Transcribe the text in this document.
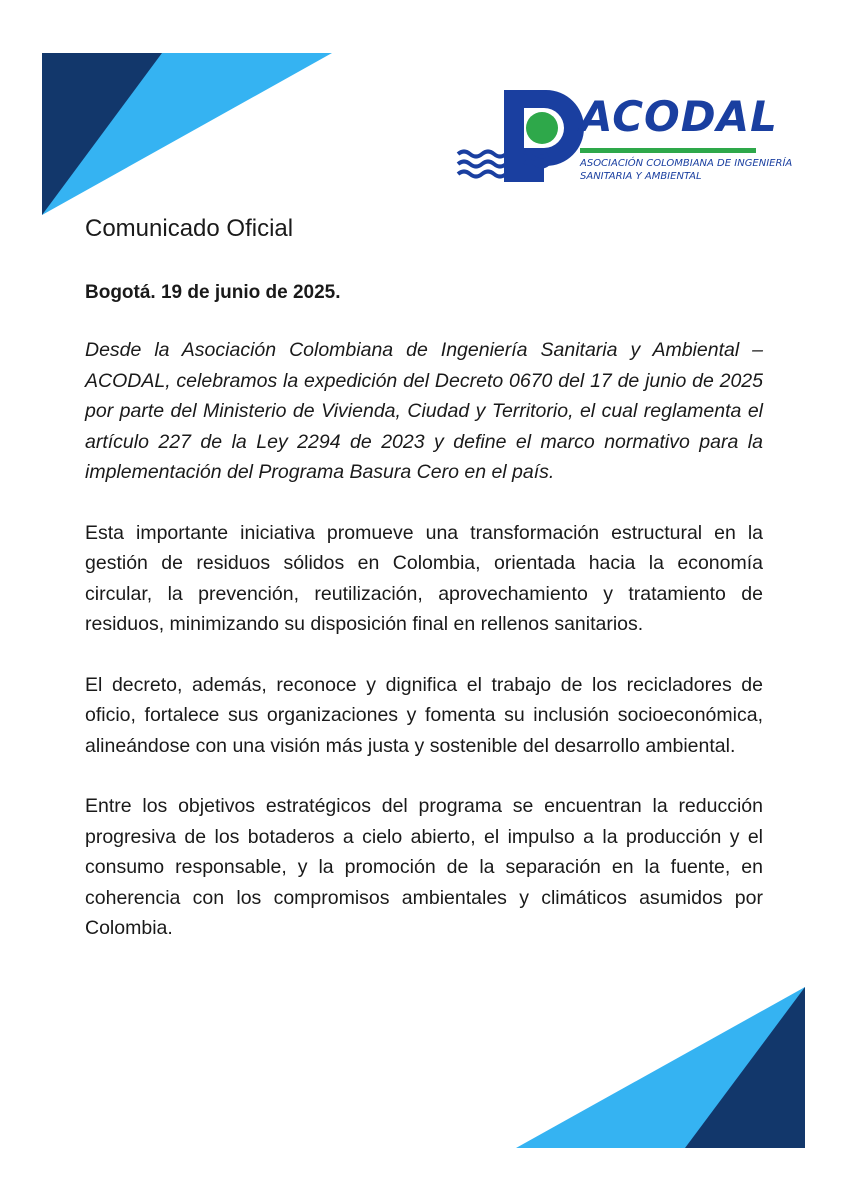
ACODAL
ASOCIACIÓN COLOMBIANA DE INGENIERÍA
SANITARIA Y AMBIENTAL
Comunicado Oficial
Bogotá. 19 de junio de 2025.

Desde la Asociación Colombiana de Ingeniería Sanitaria y Ambiental – ACODAL, celebramos la expedición del Decreto 0670 del 17 de junio de 2025 por parte del Ministerio de Vivienda, Ciudad y Territorio, el cual reglamenta el artículo 227 de la Ley 2294 de 2023 y define el marco normativo para la implementación del Programa Basura Cero en el país.

Esta importante iniciativa promueve una transformación estructural en la gestión de residuos sólidos en Colombia, orientada hacia la economía circular, la prevención, reutilización, aprovechamiento y tratamiento de residuos, minimizando su disposición final en rellenos sanitarios.

El decreto, además, reconoce y dignifica el trabajo de los recicladores de oficio, fortalece sus organizaciones y fomenta su inclusión socioeconómica, alineándose con una visión más justa y sostenible del desarrollo ambiental.

Entre los objetivos estratégicos del programa se encuentran la reducción progresiva de los botaderos a cielo abierto, el impulso a la producción y el consumo responsable, y la promoción de la separación en la fuente, en coherencia con los compromisos ambientales y climáticos asumidos por Colombia.
